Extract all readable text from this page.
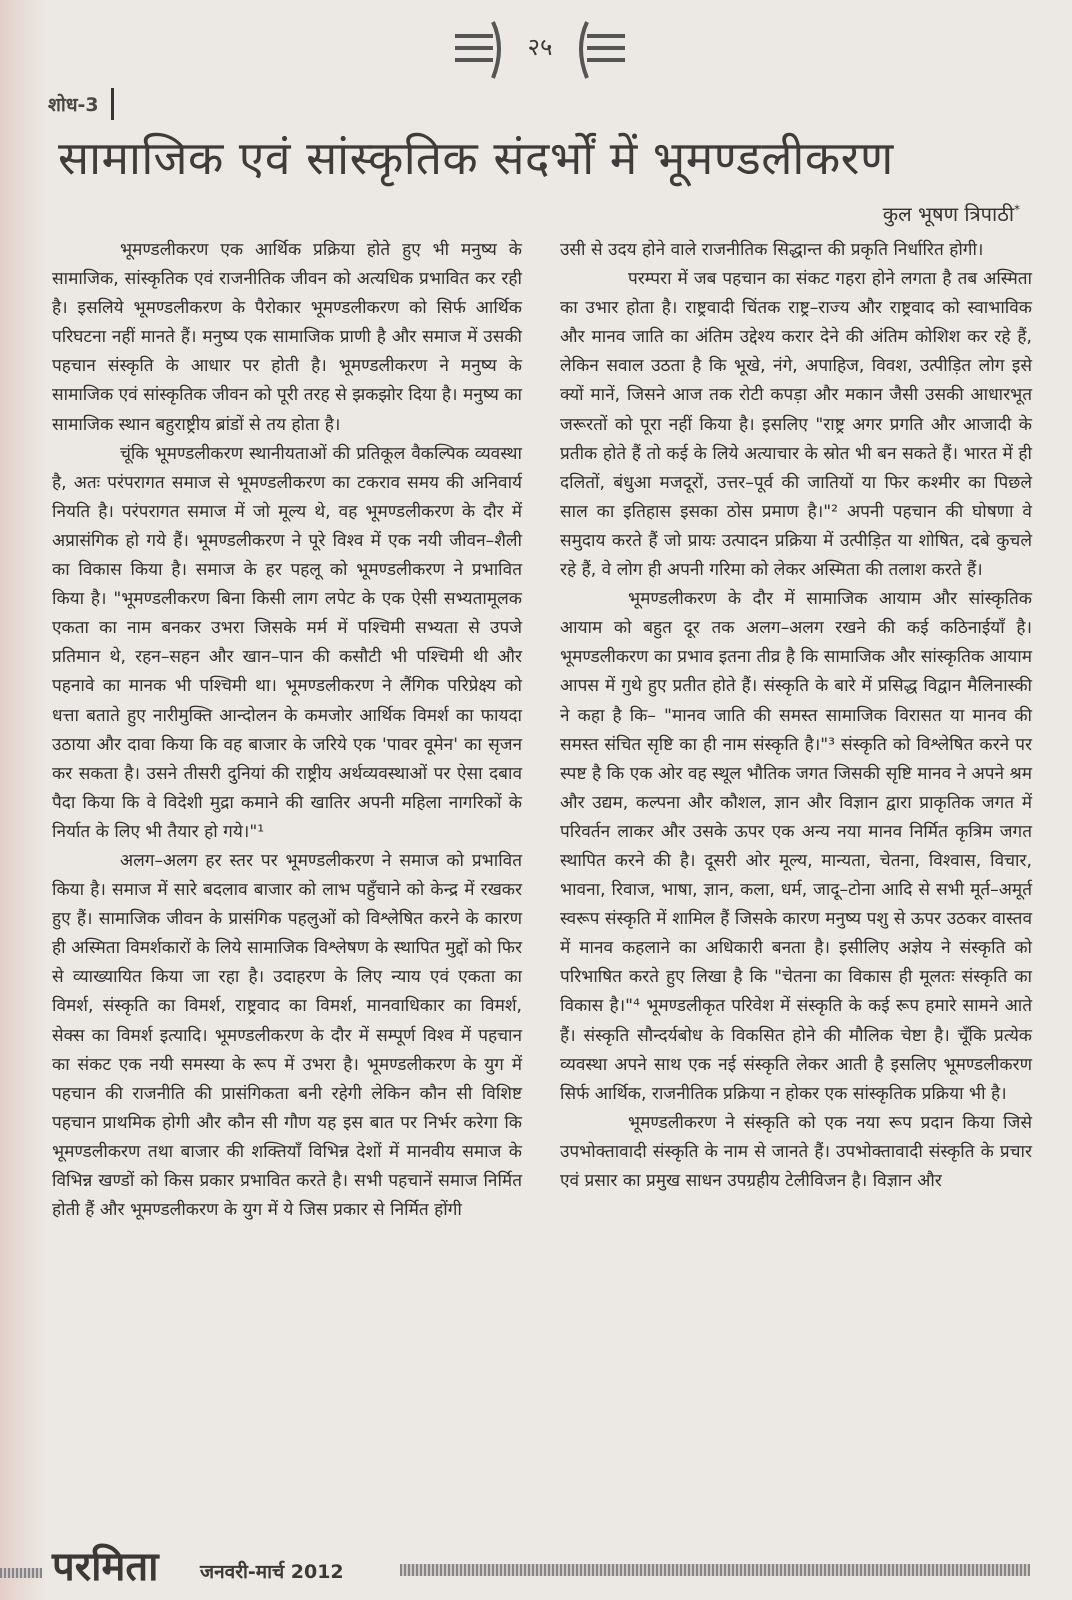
२५
शोध-3
सामाजिक एवं सांस्कृतिक संदर्भों में भूमण्डलीकरण
कुल भूषण त्रिपाठी*

भूमण्डलीकरण एक आर्थिक प्रक्रिया होते हुए भी मनुष्य के सामाजिक, सांस्कृतिक एवं राजनीतिक जीवन को अत्यधिक प्रभावित कर रही है। इसलिये भूमण्डलीकरण के पैरोकार भूमण्डलीकरण को सिर्फ आर्थिक परिघटना नहीं मानते हैं। मनुष्य एक सामाजिक प्राणी है और समाज में उसकी पहचान संस्कृति के आधार पर होती है। भूमण्डलीकरण ने मनुष्य के सामाजिक एवं सांस्कृतिक जीवन को पूरी तरह से झकझोर दिया है। मनुष्य का सामाजिक स्थान बहुराष्ट्रीय ब्रांडों से तय होता है।

चूंकि भूमण्डलीकरण स्थानीयताओं की प्रतिकूल वैकल्पिक व्यवस्था है, अतः परंपरागत समाज से भूमण्डलीकरण का टकराव समय की अनिवार्य नियति है। परंपरागत समाज में जो मूल्य थे, वह भूमण्डलीकरण के दौर में अप्रासंगिक हो गये हैं। भूमण्डलीकरण ने पूरे विश्व में एक नयी जीवन–शैली का विकास किया है। समाज के हर पहलू को भूमण्डलीकरण ने प्रभावित किया है। "भूमण्डलीकरण बिना किसी लाग लपेट के एक ऐसी सभ्यतामूलक एकता का नाम बनकर उभरा जिसके मर्म में पश्चिमी सभ्यता से उपजे प्रतिमान थे, रहन–सहन और खान–पान की कसौटी भी पश्चिमी थी और पहनावे का मानक भी पश्चिमी था। भूमण्डलीकरण ने लैंगिक परिप्रेक्ष्य को धत्ता बताते हुए नारीमुक्ति आन्दोलन के कमजोर आर्थिक विमर्श का फायदा उठाया और दावा किया कि वह बाजार के जरिये एक 'पावर वूमेन' का सृजन कर सकता है। उसने तीसरी दुनियां की राष्ट्रीय अर्थव्यवस्थाओं पर ऐसा दबाव पैदा किया कि वे विदेशी मुद्रा कमाने की खातिर अपनी महिला नागरिकों के निर्यात के लिए भी तैयार हो गये।"¹

अलग–अलग हर स्तर पर भूमण्डलीकरण ने समाज को प्रभावित किया है। समाज में सारे बदलाव बाजार को लाभ पहुँचाने को केन्द्र में रखकर हुए हैं। सामाजिक जीवन के प्रासंगिक पहलुओं को विश्लेषित करने के कारण ही अस्मिता विमर्शकारों के लिये सामाजिक विश्लेषण के स्थापित मुद्दों को फिर से व्याख्यायित किया जा रहा है। उदाहरण के लिए न्याय एवं एकता का विमर्श, संस्कृति का विमर्श, राष्ट्रवाद का विमर्श, मानवाधिकार का विमर्श, सेक्स का विमर्श इत्यादि। भूमण्डलीकरण के दौर में सम्पूर्ण विश्व में पहचान का संकट एक नयी समस्या के रूप में उभरा है। भूमण्डलीकरण के युग में पहचान की राजनीति की प्रासंगिकता बनी रहेगी लेकिन कौन सी विशिष्ट पहचान प्राथमिक होगी और कौन सी गौण यह इस बात पर निर्भर करेगा कि भूमण्डलीकरण तथा बाजार की शक्तियाँ विभिन्न देशों में मानवीय समाज के विभिन्न खण्डों को किस प्रकार प्रभावित करते है। सभी पहचानें समाज निर्मित होती हैं और भूमण्डलीकरण के युग में ये जिस प्रकार से निर्मित होंगी

उसी से उदय होने वाले राजनीतिक सिद्धान्त की प्रकृति निर्धारित होगी।

परम्परा में जब पहचान का संकट गहरा होने लगता है तब अस्मिता का उभार होता है। राष्ट्रवादी चिंतक राष्ट्र–राज्य और राष्ट्रवाद को स्वाभाविक और मानव जाति का अंतिम उद्देश्य करार देने की अंतिम कोशिश कर रहे हैं, लेकिन सवाल उठता है कि भूखे, नंगे, अपाहिज, विवश, उत्पीड़ित लोग इसे क्यों मानें, जिसने आज तक रोटी कपड़ा और मकान जैसी उसकी आधारभूत जरूरतों को पूरा नहीं किया है। इसलिए "राष्ट्र अगर प्रगति और आजादी के प्रतीक होते हैं तो कई के लिये अत्याचार के स्रोत भी बन सकते हैं। भारत में ही दलितों, बंधुआ मजदूरों, उत्तर–पूर्व की जातियों या फिर कश्मीर का पिछले साल का इतिहास इसका ठोस प्रमाण है।"² अपनी पहचान की घोषणा वे समुदाय करते हैं जो प्रायः उत्पादन प्रक्रिया में उत्पीड़ित या शोषित, दबे कुचले रहे हैं, वे लोग ही अपनी गरिमा को लेकर अस्मिता की तलाश करते हैं।

भूमण्डलीकरण के दौर में सामाजिक आयाम और सांस्कृतिक आयाम को बहुत दूर तक अलग–अलग रखने की कई कठिनाईयाँ है। भूमण्डलीकरण का प्रभाव इतना तीव्र है कि सामाजिक और सांस्कृतिक आयाम आपस में गुथे हुए प्रतीत होते हैं। संस्कृति के बारे में प्रसिद्ध विद्वान मैलिनास्की ने कहा है कि– "मानव जाति की समस्त सामाजिक विरासत या मानव की समस्त संचित सृष्टि का ही नाम संस्कृति है।"³ संस्कृति को विश्लेषित करने पर स्पष्ट है कि एक ओर वह स्थूल भौतिक जगत जिसकी सृष्टि मानव ने अपने श्रम और उद्यम, कल्पना और कौशल, ज्ञान और विज्ञान द्वारा प्राकृतिक जगत में परिवर्तन लाकर और उसके ऊपर एक अन्य नया मानव निर्मित कृत्रिम जगत स्थापित करने की है। दूसरी ओर मूल्य, मान्यता, चेतना, विश्वास, विचार, भावना, रिवाज, भाषा, ज्ञान, कला, धर्म, जादू–टोना आदि से सभी मूर्त–अमूर्त स्वरूप संस्कृति में शामिल हैं जिसके कारण मनुष्य पशु से ऊपर उठकर वास्तव में मानव कहलाने का अधिकारी बनता है। इसीलिए अज्ञेय ने संस्कृति को परिभाषित करते हुए लिखा है कि "चेतना का विकास ही मूलतः संस्कृति का विकास है।"⁴ भूमण्डलीकृत परिवेश में संस्कृति के कई रूप हमारे सामने आते हैं। संस्कृति सौन्दर्यबोध के विकसित होने की मौलिक चेष्टा है। चूँकि प्रत्येक व्यवस्था अपने साथ एक नई संस्कृति लेकर आती है इसलिए भूमण्डलीकरण सिर्फ आर्थिक, राजनीतिक प्रक्रिया न होकर एक सांस्कृतिक प्रक्रिया भी है।

भूमण्डलीकरण ने संस्कृति को एक नया रूप प्रदान किया जिसे उपभोक्तावादी संस्कृति के नाम से जानते हैं। उपभोक्तावादी संस्कृति के प्रचार एवं प्रसार का प्रमुख साधन उपग्रहीय टेलीविजन है। विज्ञान और

परमिता जनवरी-मार्च 2012
